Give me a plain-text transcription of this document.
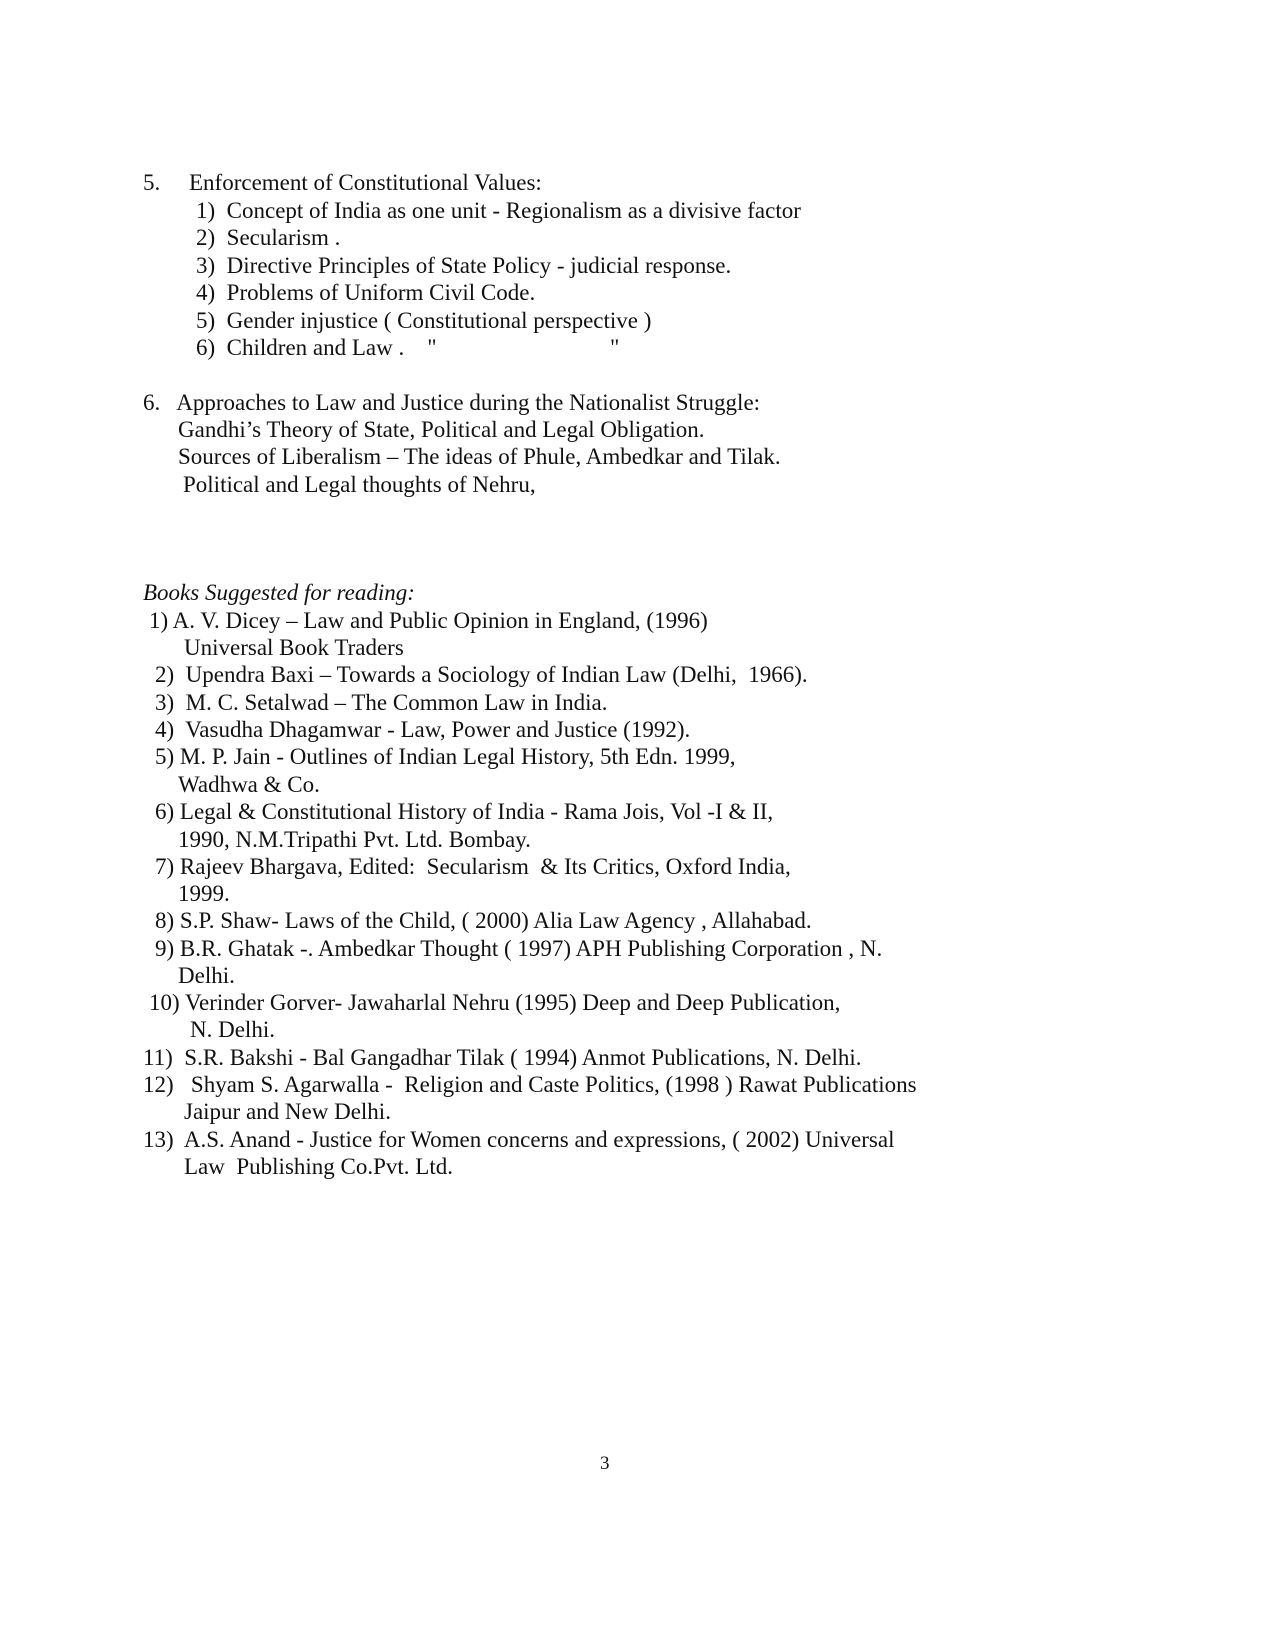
5.     Enforcement of Constitutional Values:
1)  Concept of India as one unit - Regionalism as a divisive factor
2)  Secularism .
3)  Directive Principles of State Policy - judicial response.
4)  Problems of Uniform Civil Code.
5)  Gender injustice ( Constitutional perspective )
6)  Children and Law .    "	"
6.   Approaches to Law and Justice during the Nationalist Struggle:
Gandhi’s Theory of State, Political and Legal Obligation.
Sources of Liberalism – The ideas of Phule, Ambedkar and Tilak.
Political and Legal thoughts of Nehru,
Books Suggested for reading:
1) A. V. Dicey – Law and Public Opinion in England, (1996)
Universal Book Traders
2)  Upendra Baxi – Towards a Sociology of Indian Law (Delhi,  1966).
3)  M. C. Setalwad – The Common Law in India.
4)  Vasudha Dhagamwar - Law, Power and Justice (1992).
5) M. P. Jain - Outlines of Indian Legal History, 5th Edn. 1999,
Wadhwa & Co.
6) Legal & Constitutional History of India - Rama Jois, Vol -I & II,
1990, N.M.Tripathi Pvt. Ltd. Bombay.
7) Rajeev Bhargava, Edited:  Secularism  & Its Critics, Oxford India,
1999.
8) S.P. Shaw- Laws of the Child, ( 2000) Alia Law Agency , Allahabad.
9) B.R. Ghatak -. Ambedkar Thought ( 1997) APH Publishing Corporation , N.
Delhi.
10) Verinder Gorver- Jawaharlal Nehru (1995) Deep and Deep Publication,
N. Delhi.
11)  S.R. Bakshi - Bal Gangadhar Tilak ( 1994) Anmot Publications, N. Delhi.
12)   Shyam S. Agarwalla -  Religion and Caste Politics, (1998 ) Rawat Publications
Jaipur and New Delhi.
13)  A.S. Anand - Justice for Women concerns and expressions, ( 2002) Universal
Law  Publishing Co.Pvt. Ltd.
3
